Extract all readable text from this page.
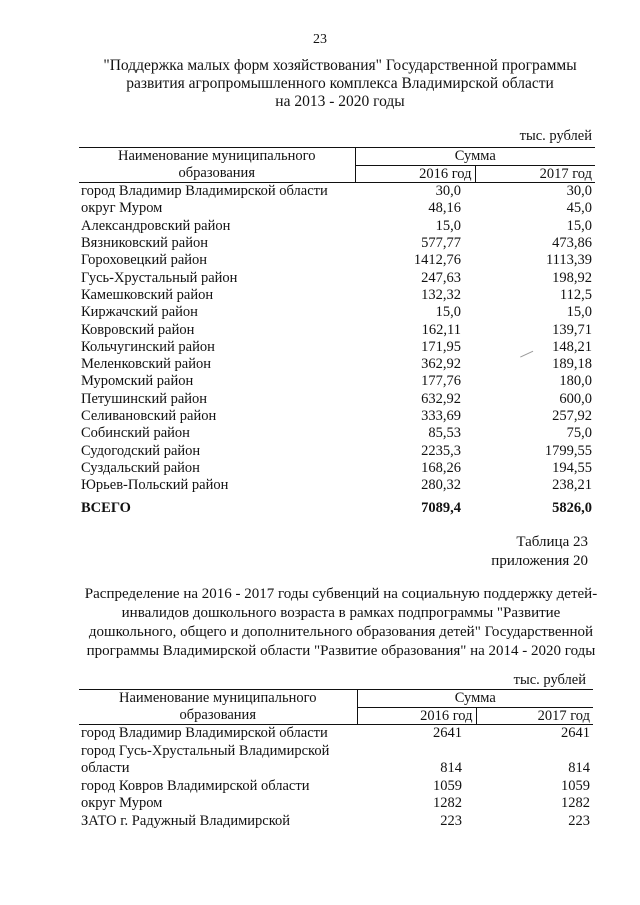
23
"Поддержка малых форм хозяйствования" Государственной программы
развития агропромышленного комплекса Владимирской области
на 2013 - 2020 годы
тыс. рублей
Наименование муниципального
образования	Сумма	
	2016 год	2017 год
город Владимир Владимирской области	30,0	30,0
округ Муром	48,16	45,0
Александровский район	15,0	15,0
Вязниковский район	577,77	473,86
Гороховецкий район	1412,76	1113,39
Гусь-Хрустальный район	247,63	198,92
Камешковский район	132,32	112,5
Киржачский район	15,0	15,0
Ковровский район	162,11	139,71
Кольчугинский район	171,95	148,21
Меленковский район	362,92	189,18
Муромский район	177,76	180,0
Петушинский район	632,92	600,0
Селивановский район	333,69	257,92
Собинский район	85,53	75,0
Судогодский район	2235,3	1799,55
Суздальский район	168,26	194,55
Юрьев-Польский район	280,32	238,21
ВСЕГО	7089,4	5826,0
Таблица 23
приложения 20
Распределение на 2016 - 2017 годы субвенций на социальную поддержку детей-
инвалидов дошкольного возраста в рамках подпрограммы "Развитие
дошкольного, общего и дополнительного образования детей" Государственной
программы Владимирской области "Развитие образования" на 2014 - 2020 годы
тыс. рублей
Наименование муниципального
образования	Сумма	
	2016 год	2017 год
город Владимир Владимирской области	2641	2641
город Гусь-Хрустальный Владимирской		
области	814	814
город Ковров Владимирской области	1059	1059
округ Муром	1282	1282
ЗАТО г. Радужный Владимирской	223	223
